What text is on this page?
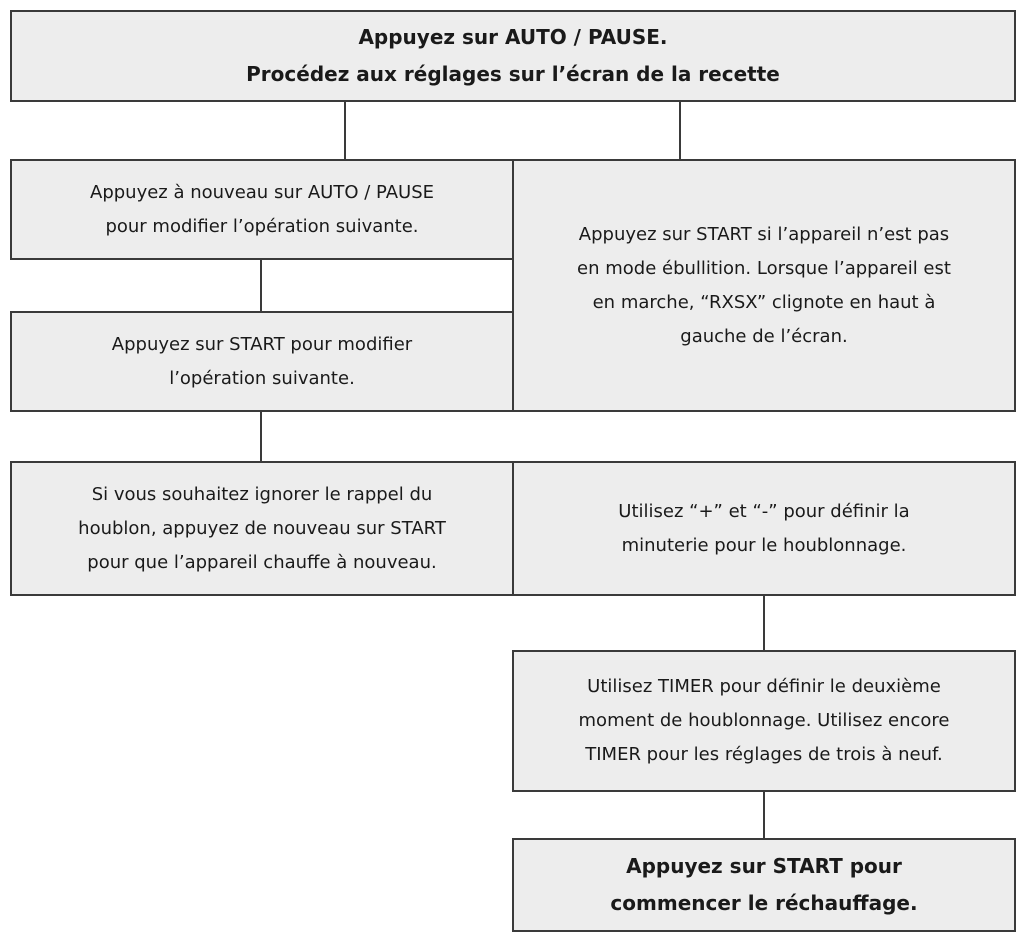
Appuyez sur AUTO / PAUSE.
Procédez aux réglages sur l’écran de la recette
Appuyez à nouveau sur AUTO / PAUSE
pour modifier l’opération suivante.	Appuyez sur START si l’appareil n’est pas
en mode ébullition. Lorsque l’appareil est
en marche, “RXSX” clignote en haut à
gauche de l’écran.
Appuyez sur START pour modifier
l’opération suivante.
Si vous souhaitez ignorer le rappel du
houblon, appuyez de nouveau sur START
pour que l’appareil chauffe à nouveau.
Utilisez “+” et “-” pour définir la
minuterie pour le houblonnage.
Utilisez TIMER pour définir le deuxième
moment de houblonnage. Utilisez encore
TIMER pour les réglages de trois à neuf.
Appuyez sur START pour
commencer le réchauffage.
